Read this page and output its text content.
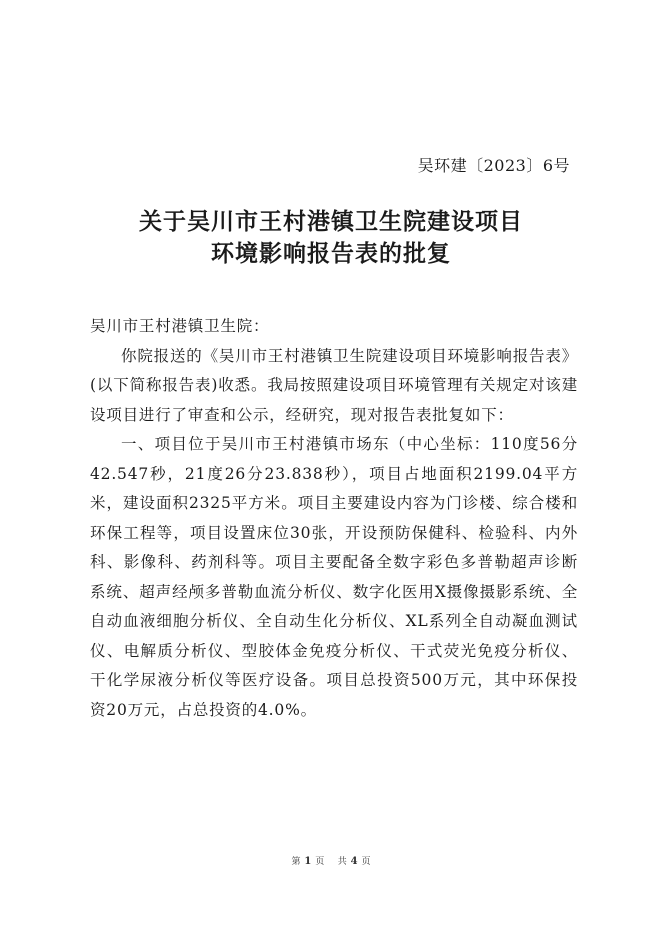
吴环建〔2023〕6号
关于吴川市王村港镇卫生院建设项目
环境影响报告表的批复

吴川市王村港镇卫生院：

你院报送的《吴川市王村港镇卫生院建设项目环境影响报告表》(以下简称报告表)收悉。我局按照建设项目环境管理有关规定对该建设项目进行了审查和公示，经研究，现对报告表批复如下：

一、项目位于吴川市王村港镇市场东（中心坐标：110度56分42.547秒，21度26分23.838秒），项目占地面积2199.04平方米，建设面积2325平方米。项目主要建设内容为门诊楼、综合楼和环保工程等，项目设置床位30张，开设预防保健科、检验科、内外科、影像科、药剂科等。项目主要配备全数字彩色多普勒超声诊断系统、超声经颅多普勒血流分析仪、数字化医用X摄像摄影系统、全自动血液细胞分析仪、全自动生化分析仪、XL系列全自动凝血测试仪、电解质分析仪、型胶体金免疫分析仪、干式荧光免疫分析仪、干化学尿液分析仪等医疗设备。项目总投资500万元，其中环保投资20万元，占总投资的4.0%。

第 1 页 共 4 页
